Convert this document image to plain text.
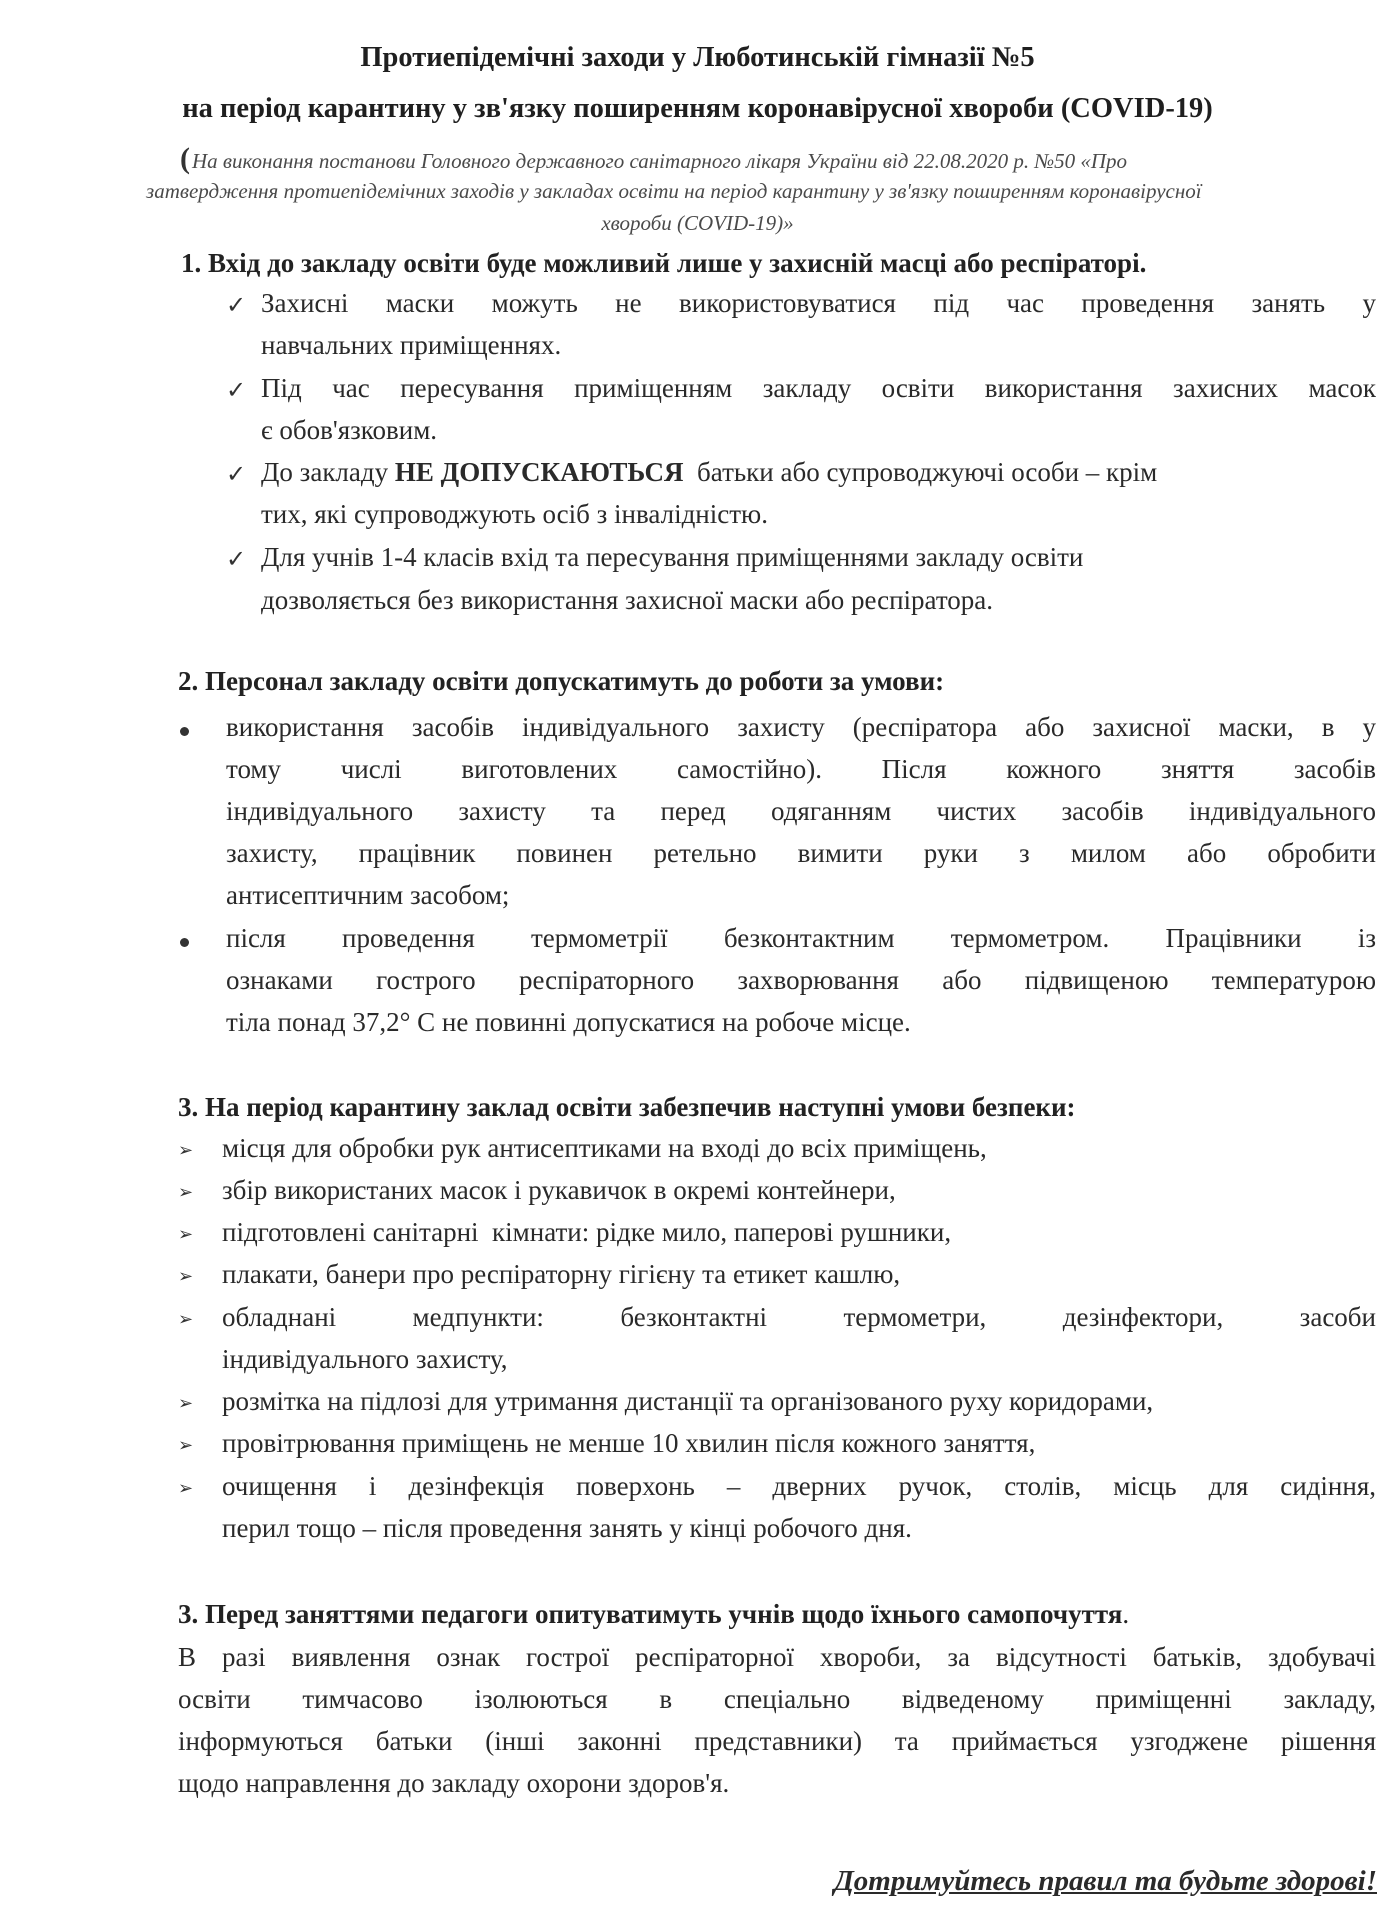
Протиепідемічні заходи у Люботинській гімназії №5
на період карантину у зв'язку поширенням коронавірусної хвороби (COVID-19)
(На виконання постанови Головного державного санітарного лікаря України від 22.08.2020 р. №50 «Про
затвердження протиепідемічних заходів у закладах освіти на період карантину у зв'язку поширенням коронавірусної
хвороби (COVID-19)»
1. Вхід до закладу освіти буде можливий лише у захисній масці або респіраторі.
✓ Захисні маски можуть не використовуватися під час проведення занять у
навчальних приміщеннях.
✓ Під час пересування приміщенням закладу освіти використання захисних масок
є обов'язковим.
✓ До закладу НЕ ДОПУСКАЮТЬСЯ  батьки або супроводжуючі особи – крім
тих, які супроводжують осіб з інвалідністю.
✓ Для учнів 1-4 класів вхід та пересування приміщеннями закладу освіти
дозволяється без використання захисної маски або респіратора.
2. Персонал закладу освіти допускатимуть до роботи за умови:
використання засобів індивідуального захисту (респіратора або захисної маски, в у
тому числі виготовлених самостійно). Після кожного зняття засобів
індивідуального захисту та перед одяганням чистих засобів індивідуального
захисту, працівник повинен ретельно вимити руки з милом або обробити
антисептичним засобом;
після проведення термометрії безконтактним термометром. Працівники із
ознаками гострого респіраторного захворювання або підвищеною температурою
тіла понад 37,2° С не повинні допускатися на робоче місце.
3. На період карантину заклад освіти забезпечив наступні умови безпеки:
➢ місця для обробки рук антисептиками на вході до всіх приміщень,
➢ збір використаних масок і рукавичок в окремі контейнери,
➢ підготовлені санітарні  кімнати: рідке мило, паперові рушники,
➢ плакати, банери про респіраторну гігієну та етикет кашлю,
➢ обладнані медпункти: безконтактні термометри, дезінфектори, засоби
індивідуального захисту,
➢ розмітка на підлозі для утримання дистанції та організованого руху коридорами,
➢ провітрювання приміщень не менше 10 хвилин після кожного заняття,
➢ очищення і дезінфекція поверхонь – дверних ручок, столів, місць для сидіння,
перил тощо – після проведення занять у кінці робочого дня.
3. Перед заняттями педагоги опитуватимуть учнів щодо їхнього самопочуття.
В разі виявлення ознак гострої респіраторної хвороби, за відсутності батьків, здобувачі
освіти тимчасово ізолюються в спеціально відведеному приміщенні закладу,
інформуються батьки (інші законні представники) та приймається узгоджене рішення
щодо направлення до закладу охорони здоров'я.
Дотримуйтесь правил та будьте здорові!
